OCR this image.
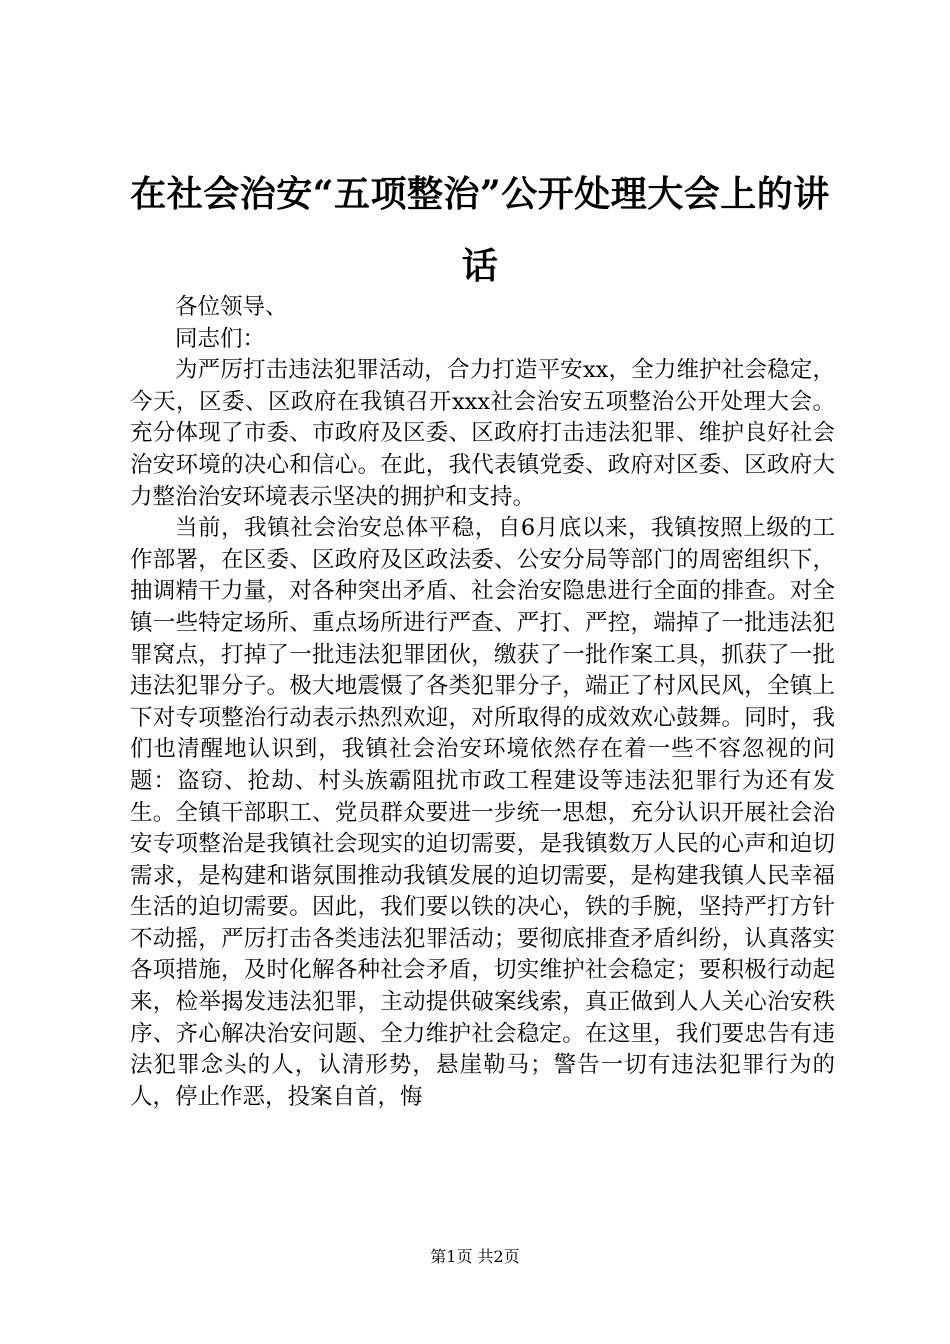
在社会治安“五项整治”公开处理大会上的讲话

各位领导、

同志们：

为严厉打击违法犯罪活动，合力打造平安xx，全力维护社会稳定，今天，区委、区政府在我镇召开xxx社会治安五项整治公开处理大会。充分体现了市委、市政府及区委、区政府打击违法犯罪、维护良好社会治安环境的决心和信心。在此，我代表镇党委、政府对区委、区政府大力整治治安环境表示坚决的拥护和支持。

当前，我镇社会治安总体平稳，自6月底以来，我镇按照上级的工作部署，在区委、区政府及区政法委、公安分局等部门的周密组织下，抽调精干力量，对各种突出矛盾、社会治安隐患进行全面的排查。对全镇一些特定场所、重点场所进行严查、严打、严控，端掉了一批违法犯罪窝点，打掉了一批违法犯罪团伙，缴获了一批作案工具，抓获了一批违法犯罪分子。极大地震慑了各类犯罪分子，端正了村风民风，全镇上下对专项整治行动表示热烈欢迎，对所取得的成效欢心鼓舞。同时，我们也清醒地认识到，我镇社会治安环境依然存在着一些不容忽视的问题：盗窃、抢劫、村头族霸阻扰市政工程建设等违法犯罪行为还有发生。全镇干部职工、党员群众要进一步统一思想，充分认识开展社会治安专项整治是我镇社会现实的迫切需要，是我镇数万人民的心声和迫切需求，是构建和谐氛围推动我镇发展的迫切需要，是构建我镇人民幸福生活的迫切需要。因此，我们要以铁的决心，铁的手腕，坚持严打方针不动摇，严厉打击各类违法犯罪活动；要彻底排查矛盾纠纷，认真落实各项措施，及时化解各种社会矛盾，切实维护社会稳定；要积极行动起来，检举揭发违法犯罪，主动提供破案线索，真正做到人人关心治安秩序、齐心解决治安问题、全力维护社会稳定。在这里，我们要忠告有违法犯罪念头的人，认清形势，悬崖勒马；警告一切有违法犯罪行为的人，停止作恶，投案自首，悔

第1页 共2页
